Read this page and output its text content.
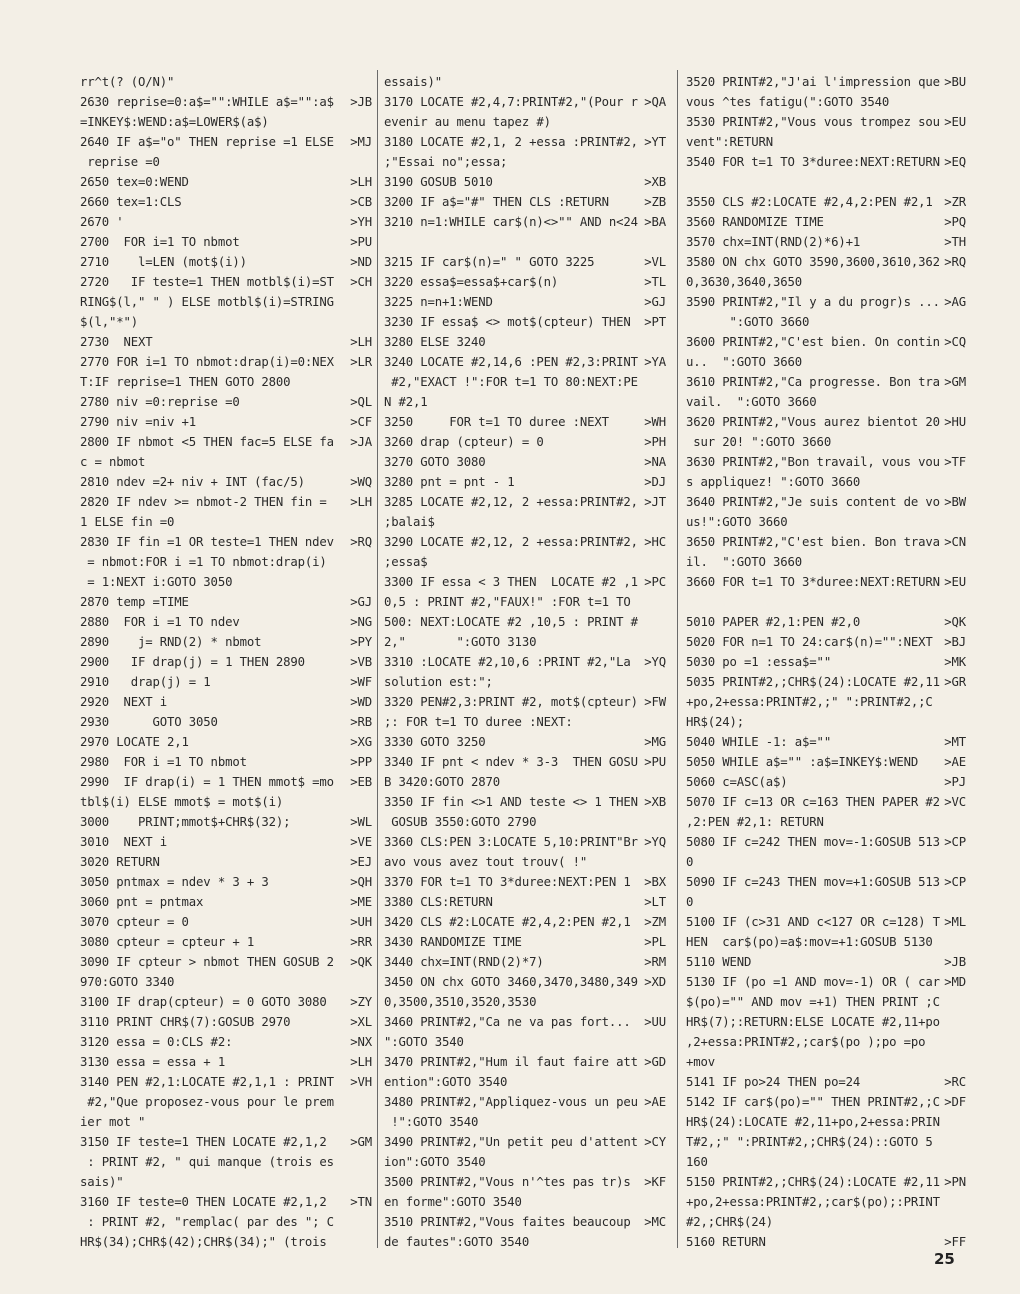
rr^t(? (O/N)"
2630 reprise=0:a$="":WHILE a$="":a$ >JB
=INKEY$:WEND:a$=LOWER$(a$)
2640 IF a$="o" THEN reprise =1 ELSE >MJ
reprise =0
2650 tex=0:WEND	>LH
2660 tex=1:CLS	>CB
2670 '	>YH
2700  FOR i=1 TO nbmot	>PU
2710    l=LEN (mot$(i))	>ND
2720   IF teste=1 THEN motbl$(i)=ST >CH
RING$(l," " ) ELSE motbl$(i)=STRING
$(l,"*")
2730  NEXT	>LH
2770 FOR i=1 TO nbmot:drap(i)=0:NEX >LR
T:IF reprise=1 THEN GOTO 2800
2780 niv =0:reprise =0	>QL
2790 niv =niv +1	>CF
2800 IF nbmot <5 THEN fac=5 ELSE fa >JA
c = nbmot
2810 ndev =2+ niv + INT (fac/5)	>WQ
2820 IF ndev >= nbmot-2 THEN fin = >LH
1 ELSE fin =0
2830 IF fin =1 OR teste=1 THEN ndev >RQ
= nbmot:FOR i =1 TO nbmot:drap(i)
= 1:NEXT i:GOTO 3050
2870 temp =TIME	>GJ
2880  FOR i =1 TO ndev	>NG
2890    j= RND(2) * nbmot	>PY
2900   IF drap(j) = 1 THEN 2890	>VB
2910   drap(j) = 1	>WF
2920  NEXT i	>WD
2930      GOTO 3050	>RB
2970 LOCATE 2,1	>XG
2980  FOR i =1 TO nbmot	>PP
2990  IF drap(i) = 1 THEN mmot$ =mo >EB
tbl$(i) ELSE mmot$ = mot$(i)
3000    PRINT;mmot$+CHR$(32);	>WL
3010  NEXT i	>VE
3020 RETURN	>EJ
3050 pntmax = ndev * 3 + 3	>QH
3060 pnt = pntmax	>ME
3070 cpteur = 0	>UH
3080 cpteur = cpteur + 1	>RR
3090 IF cpteur > nbmot THEN GOSUB 2 >QK
970:GOTO 3340
3100 IF drap(cpteur) = 0 GOTO 3080 >ZY
3110 PRINT CHR$(7):GOSUB 2970	>XL
3120 essa = 0:CLS #2:	>NX
3130 essa = essa + 1	>LH
3140 PEN #2,1:LOCATE #2,1,1 : PRINT >VH
#2,"Que proposez-vous pour le prem
ier mot "
3150 IF teste=1 THEN LOCATE #2,1,2 >GM
: PRINT #2, " qui manque (trois es
sais)"
3160 IF teste=0 THEN LOCATE #2,1,2 >TN
: PRINT #2, "remplac( par des "; C
HR$(34);CHR$(42);CHR$(34);" (trois
essais)"
3170 LOCATE #2,4,7:PRINT#2,"(Pour r >QA
evenir au menu tapez #)
3180 LOCATE #2,1, 2 +essa :PRINT#2, >YT
;"Essai no";essa;
3190 GOSUB 5010	>XB
3200 IF a$="#" THEN CLS :RETURN	>ZB
3210 n=1:WHILE car$(n)<>"" AND n<24 >BA
3215 IF car$(n)=" " GOTO 3225	>VL
3220 essa$=essa$+car$(n)	>TL
3225 n=n+1:WEND	>GJ
3230 IF essa$ <> mot$(cpteur) THEN >PT
3280 ELSE 3240
3240 LOCATE #2,14,6 :PEN #2,3:PRINT >YA
#2,"EXACT !":FOR t=1 TO 80:NEXT:PE
N #2,1
3250     FOR t=1 TO duree :NEXT	>WH
3260 drap (cpteur) = 0	>PH
3270 GOTO 3080	>NA
3280 pnt = pnt - 1	>DJ
3285 LOCATE #2,12, 2 +essa:PRINT#2, >JT
;balai$
3290 LOCATE #2,12, 2 +essa:PRINT#2, >HC
;essa$
3300 IF essa < 3 THEN  LOCATE #2 ,1 >PC
0,5 : PRINT #2,"FAUX!" :FOR t=1 TO
500: NEXT:LOCATE #2 ,10,5 : PRINT #
2,"       ":GOTO 3130
3310 :LOCATE #2,10,6 :PRINT #2,"La >YQ
solution est:";
3320 PEN#2,3:PRINT #2, mot$(cpteur) >FW
;: FOR t=1 TO duree :NEXT:
3330 GOTO 3250	>MG
3340 IF pnt < ndev * 3-3  THEN GOSU >PU
B 3420:GOTO 2870
3350 IF fin <>1 AND teste <> 1 THEN >XB
GOSUB 3550:GOTO 2790
3360 CLS:PEN 3:LOCATE 5,10:PRINT"Br >YQ
avo vous avez tout trouv( !"
3370 FOR t=1 TO 3*duree:NEXT:PEN 1 >BX
3380 CLS:RETURN	>LT
3420 CLS #2:LOCATE #2,4,2:PEN #2,1 >ZM
3430 RANDOMIZE TIME	>PL
3440 chx=INT(RND(2)*7)	>RM
3450 ON chx GOTO 3460,3470,3480,349 >XD
0,3500,3510,3520,3530
3460 PRINT#2,"Ca ne va pas fort... >UU
":GOTO 3540
3470 PRINT#2,"Hum il faut faire att >GD
ention":GOTO 3540
3480 PRINT#2,"Appliquez-vous un peu >AE
!":GOTO 3540
3490 PRINT#2,"Un petit peu d'attent >CY
ion":GOTO 3540
3500 PRINT#2,"Vous n'^tes pas tr)s >KF
en forme":GOTO 3540
3510 PRINT#2,"Vous faites beaucoup >MC
de fautes":GOTO 3540
3520 PRINT#2,"J'ai l'impression que >BU
vous ^tes fatigu(":GOTO 3540
3530 PRINT#2,"Vous vous trompez sou >EU
vent":RETURN
3540 FOR t=1 TO 3*duree:NEXT:RETURN >EQ
3550 CLS #2:LOCATE #2,4,2:PEN #2,1 >ZR
3560 RANDOMIZE TIME	>PQ
3570 chx=INT(RND(2)*6)+1	>TH
3580 ON chx GOTO 3590,3600,3610,362 >RQ
0,3630,3640,3650
3590 PRINT#2,"Il y a du progr)s ... >AG
":GOTO 3660
3600 PRINT#2,"C'est bien. On contin >CQ
u..  ":GOTO 3660
3610 PRINT#2,"Ca progresse. Bon tra >GM
vail.  ":GOTO 3660
3620 PRINT#2,"Vous aurez bientot 20 >HU
sur 20! ":GOTO 3660
3630 PRINT#2,"Bon travail, vous vou >TF
s appliquez! ":GOTO 3660
3640 PRINT#2,"Je suis content de vo >BW
us!":GOTO 3660
3650 PRINT#2,"C'est bien. Bon trava >CN
il.  ":GOTO 3660
3660 FOR t=1 TO 3*duree:NEXT:RETURN >EU
5010 PAPER #2,1:PEN #2,0	>QK
5020 FOR n=1 TO 24:car$(n)="":NEXT >BJ
5030 po =1 :essa$=""	>MK
5035 PRINT#2,;CHR$(24):LOCATE #2,11 >GR
+po,2+essa:PRINT#2,;" ":PRINT#2,;C
HR$(24);
5040 WHILE -1: a$=""	>MT
5050 WHILE a$="" :a$=INKEY$:WEND >AE
5060 c=ASC(a$)	>PJ
5070 IF c=13 OR c=163 THEN PAPER #2 >VC
,2:PEN #2,1: RETURN
5080 IF c=242 THEN mov=-1:GOSUB 513 >CP
0
5090 IF c=243 THEN mov=+1:GOSUB 513 >CP
0
5100 IF (c>31 AND c<127 OR c=128) T >ML
HEN  car$(po)=a$:mov=+1:GOSUB 5130
5110 WEND	>JB
5130 IF (po =1 AND mov=-1) OR ( car >MD
$(po)="" AND mov =+1) THEN PRINT ;C
HR$(7);:RETURN:ELSE LOCATE #2,11+po
,2+essa:PRINT#2,;car$(po );po =po
+mov
5141 IF po>24 THEN po=24	>RC
5142 IF car$(po)="" THEN PRINT#2,;C >DF
HR$(24):LOCATE #2,11+po,2+essa:PRIN
T#2,;" ":PRINT#2,;CHR$(24)::GOTO 5
160
5150 PRINT#2,;CHR$(24):LOCATE #2,11 >PN
+po,2+essa:PRINT#2,;car$(po);:PRINT
#2,;CHR$(24)
5160 RETURN	>FF
25
